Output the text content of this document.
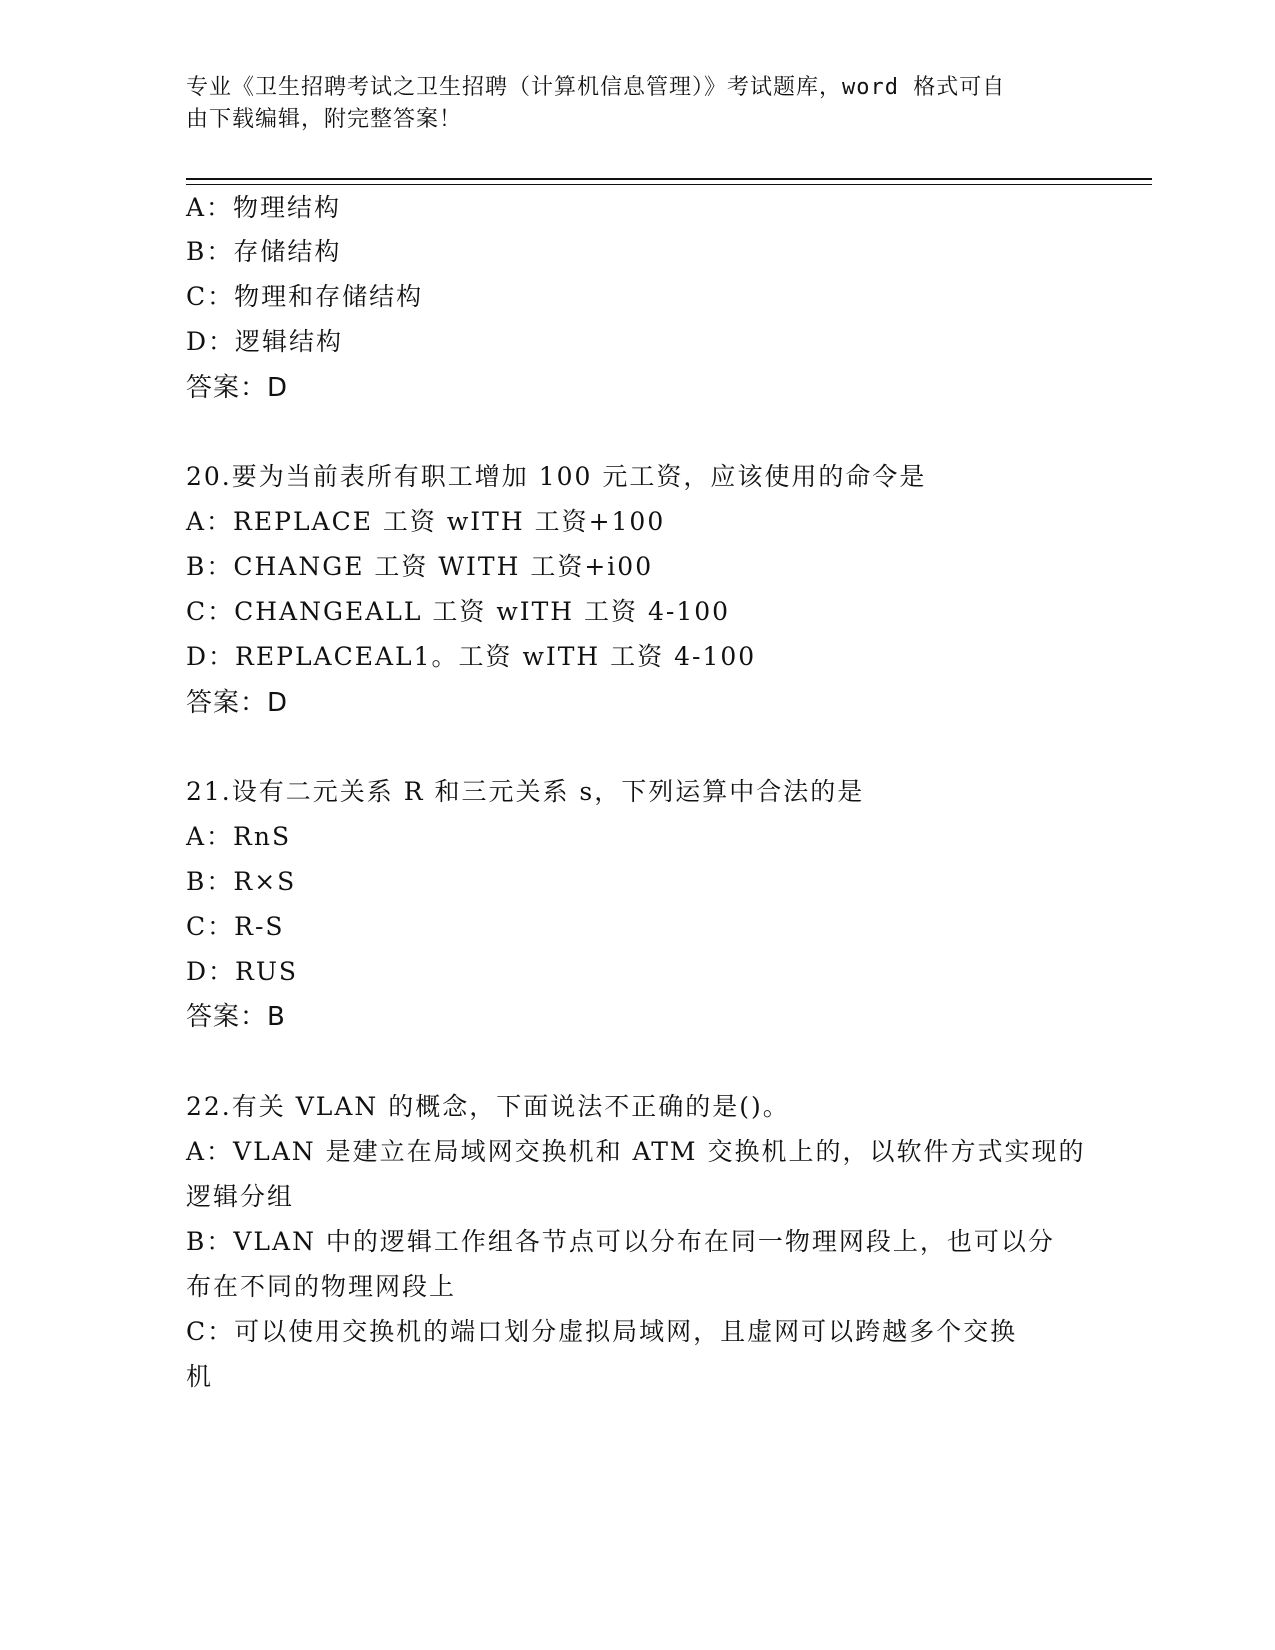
专业《卫生招聘考试之卫生招聘（计算机信息管理）》考试题库，word 格式可自
由下载编辑，附完整答案！
A：物理结构
B：存储结构
C：物理和存储结构
D：逻辑结构
答案：D
20.要为当前表所有职工增加 100 元工资，应该使用的命令是
A：REPLACE 工资 wITH 工资+100
B：CHANGE 工资 WITH 工资+i00
C：CHANGEALL 工资 wITH 工资 4-100
D：REPLACEAL1。工资 wITH 工资 4-100
答案：D
21.设有二元关系 R 和三元关系 s，下列运算中合法的是
A：RnS
B：R×S
C：R-S
D：RUS
答案：B
22.有关 VLAN 的概念，下面说法不正确的是()。
A：VLAN 是建立在局域网交换机和 ATM 交换机上的，以软件方式实现的
逻辑分组
B：VLAN 中的逻辑工作组各节点可以分布在同一物理网段上，也可以分
布在不同的物理网段上
C：可以使用交换机的端口划分虚拟局域网，且虚网可以跨越多个交换
机
